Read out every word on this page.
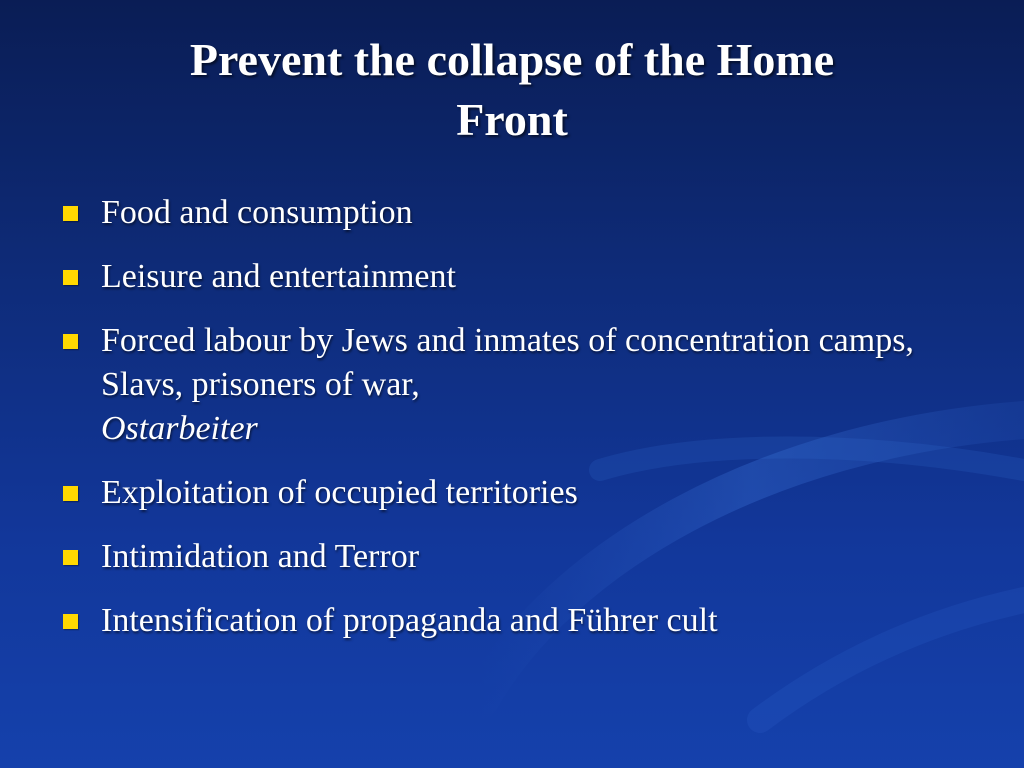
Prevent the collapse of the Home
Front
Food and consumption
Leisure and entertainment
Forced labour by Jews and inmates of concentration camps, Slavs, prisoners of war,
Ostarbeiter
Exploitation of occupied territories
Intimidation and Terror
Intensification of propaganda and Führer cult
